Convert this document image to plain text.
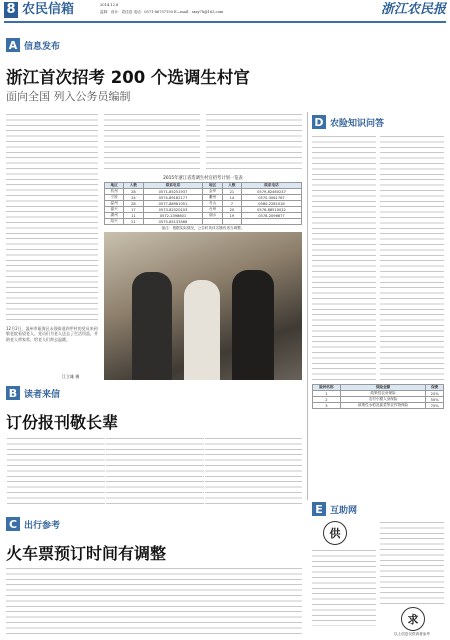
8 农民信箱	2014.12.8
监制：设计：袁佳卷 电话：0571-86757150 E—mail：sxzy78@163.com	浙江农民报
A 信息发布
浙江首次招考 200 个选调生村官
面向全国 列入公务员编制
2015年浙江省选调生村官招考计划一览表
地区	人数	联系电话	地区	人数	联系电话
杭州	28	0571-85251937	金华	21	0579-82460237
宁波	24	0574-89182177	衢州	14	0570-3061767
温州	28	0577-88961051	舟山	7	0580-2281018
嘉兴	17	0573-82520103	台州	20	0576-88510032
湖州	11	0572-2398601	丽水	19	0578-2096677
绍兴	21	0575-85133568			
备注：根据实际情况，公告时具体名额有适当调整。
12月2日，温州市瓯海区永强街道四甲村的党员来到敬老院看望老人，党员们为老人送去了生活用品，并陪老人唠家常，给老人们带去温暖。
江立雄 摄
B 读者来信
订份报刊敬长辈
C 出行参考
火车票预订时间有调整
D 农险知识问答
险种名称	保险金额	保费
1	政策性农房保险	20%
2	农村小额人身保险	50%
3	政策性水稻及蔬菜等农作物保险	70%
E 互助网
供
求
以上信息仅供读者参考
